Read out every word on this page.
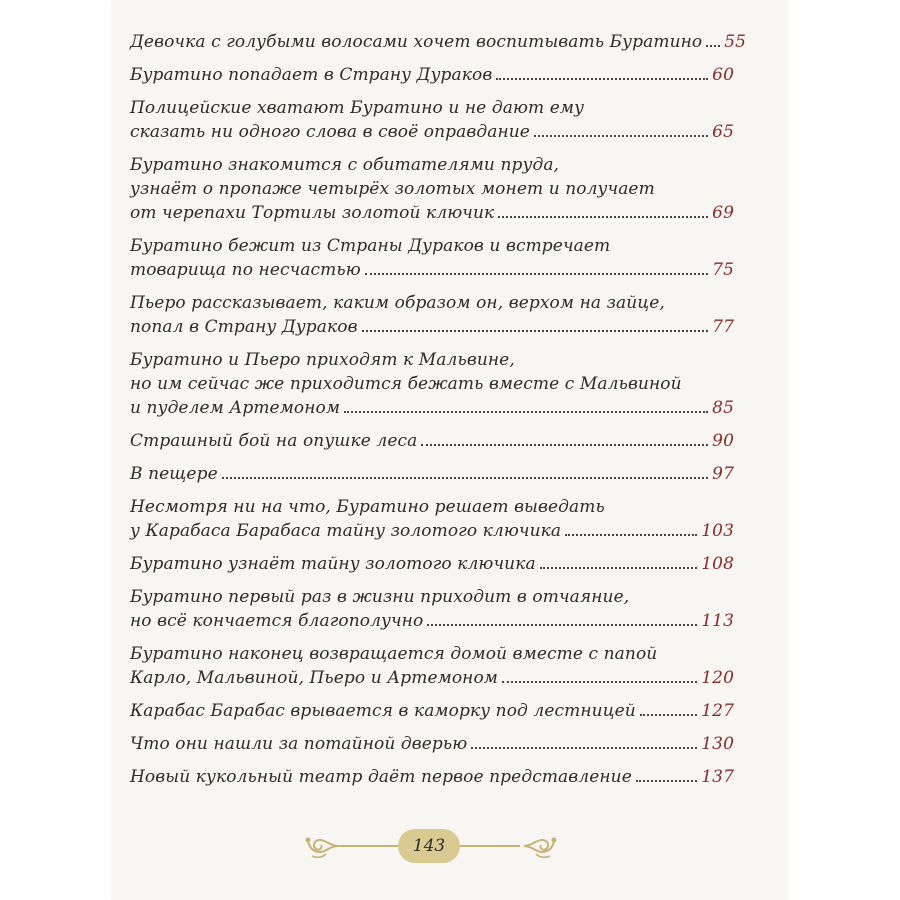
Девочка с голубыми волосами хочет воспитывать Буратино 55
Буратино попадает в Страну Дураков	60
Полицейские хватают Буратино и не дают ему
сказать ни одного слова в своё оправдание	65
Буратино знакомится с обитателями пруда,
узнаёт о пропаже четырёх золотых монет и получает
от черепахи Тортилы золотой ключик	69
Буратино бежит из Страны Дураков и встречает
товарища по несчастью	75
Пьеро рассказывает, каким образом он, верхом на зайце,
попал в Страну Дураков	77
Буратино и Пьеро приходят к Мальвине,
но им сейчас же приходится бежать вместе с Мальвиной
и пуделем Артемоном	85
Страшный бой на опушке леса	90
В пещере	97
Несмотря ни на что, Буратино решает выведать
у Карабаса Барабаса тайну золотого ключика	103
Буратино узнаёт тайну золотого ключика	108
Буратино первый раз в жизни приходит в отчаяние,
но всё кончается благополучно	113
Буратино наконец возвращается домой вместе с папой
Карло, Мальвиной, Пьеро и Артемоном	120
Карабас Барабас врывается в каморку под лестницей	127
Что они нашли за потайной дверью	130
Новый кукольный театр даёт первое представление	137
143
